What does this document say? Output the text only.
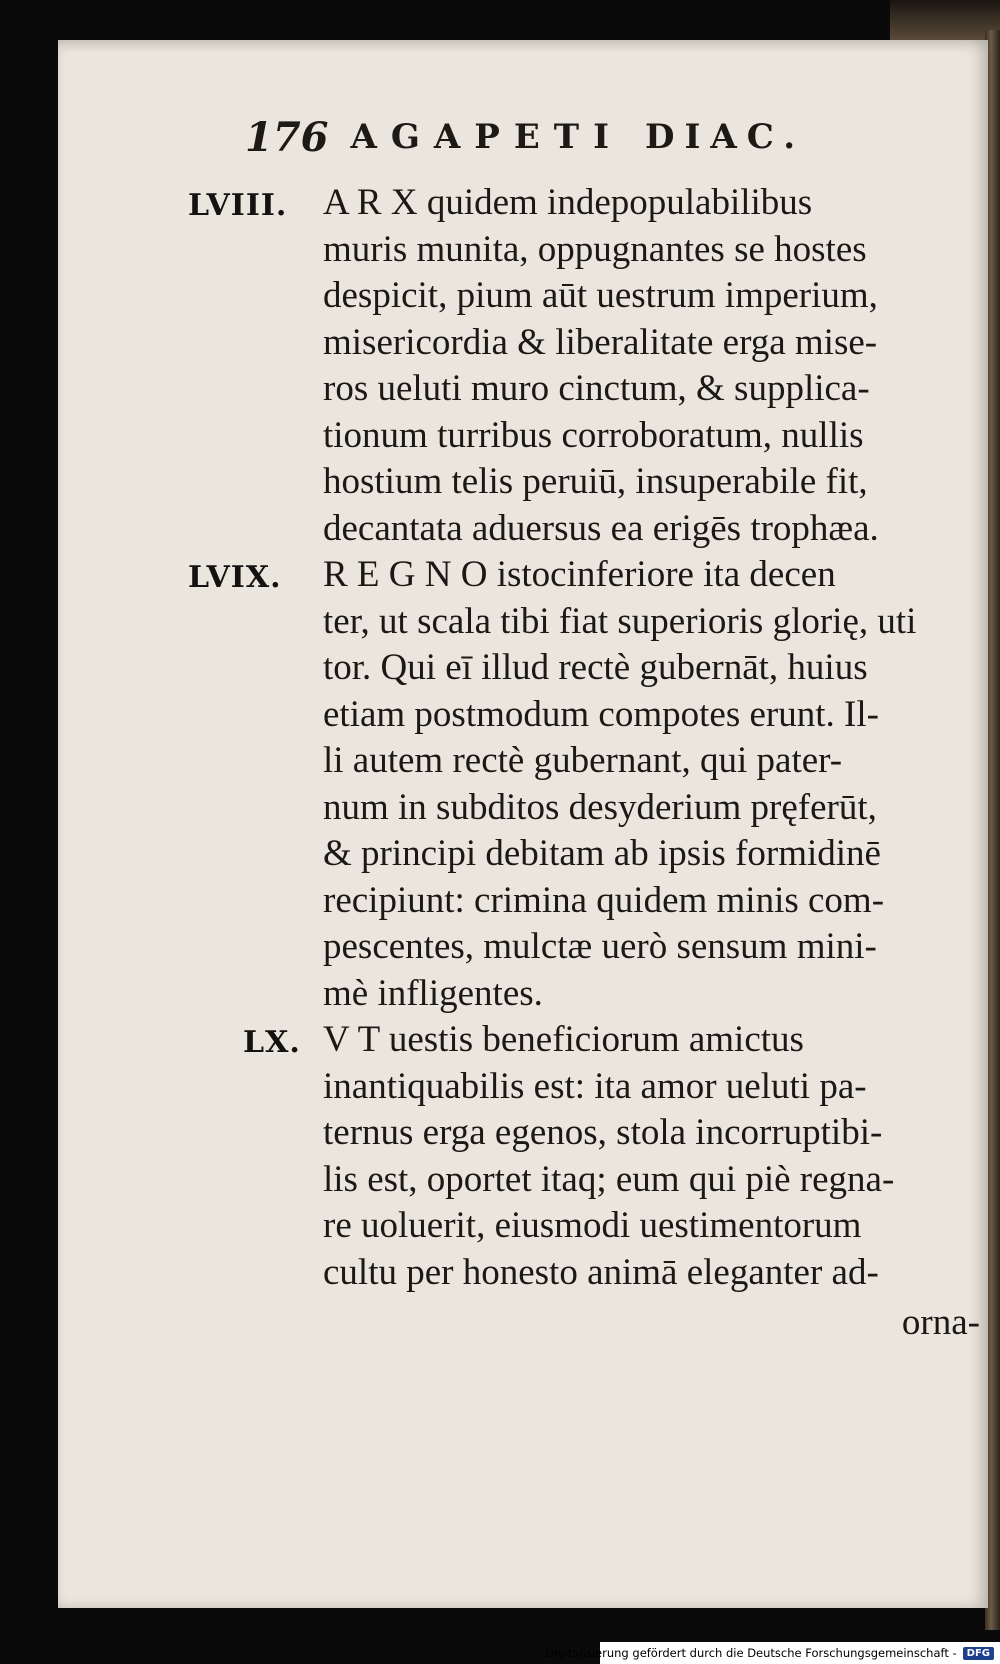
176 AGAPETI DIAC.
LVIII. A R X quidem indepopulabilibus
muris munita, oppugnantes se hostes
despicit, pium aūt uestrum imperium,
misericordia & liberalitate erga mise-
ros ueluti muro cinctum, & supplica-
tionum turribus corroboratum, nullis
hostium telis peruiū, insuperabile fit,
decantata aduersus ea erigēs trophæa.
LVIX. R E G N O istocinferiore ita decen
ter, ut scala tibi fiat superioris glorię, uti
tor. Qui eī illud rectè gubernāt, huius
etiam postmodum compotes erunt. Il-
li autem rectè gubernant, qui pater-
num in subditos desyderium pręferūt,
& principi debitam ab ipsis formidinē
recipiunt: crimina quidem minis com-
pescentes, mulctæ uerò sensum mini-
mè infligentes.
LX. V T uestis beneficiorum amictus
inantiquabilis est: ita amor ueluti pa-
ternus erga egenos, stola incorruptibi-
lis est, oportet itaq; eum qui piè regna-
re uoluerit, eiusmodi uestimentorum
cultu per honesto animā eleganter ad-
orna-
Digitalisierung gefördert durch die Deutsche Forschungsgemeinschaft -	DFG
